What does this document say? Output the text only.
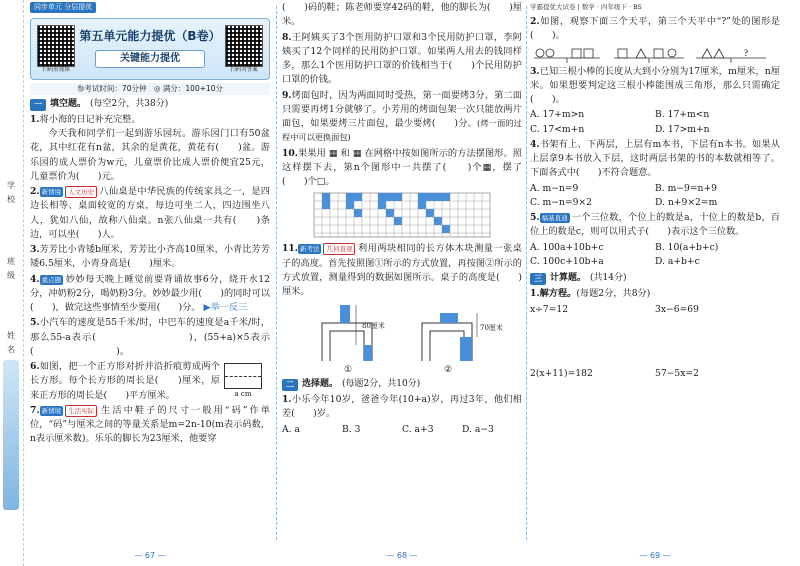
学
校
班
级
姓
名
同步单元 分层提优
扫码看视频
第五单元能力提优（B卷）
关键能力提优
扫码对答案
参考试时间：70分钟　◎ 满分：100+10分
一 填空题。 (每空2分，共38分)
1.将小海的日记补充完整。
今天我和同学们一起到游乐园玩。游乐园门口有50盆花，其中红花有n盆，其余的是黄花，黄花有(　　)盆。游乐园的成人票价为w元，儿童票价比成人票价便宜25元，儿童票价为(　　)元。
2. 新情境 人文历史 八仙桌是中华民族的传统家具之一，是四边长相等、桌面较宽的方桌，每边可坐二人，四边围坐八人，犹如八仙，故称八仙桌。n张八仙桌一共有(　　)条边，可以坐(　　)人。
3.芳芳比小青矮b厘米，芳芳比小齐高10厘米，小青比芳芳矮6.5厘米，小青身高是(　　)厘米。
4. 重点题 妙妙每天晚上睡觉前要背诵故事6分，烧开水12分，冲奶粉2分，喝奶粉3分。妙妙最少用(　　)的同时可以(　　)，做完这些事情至少要用(　　)分。 ▶举一反三
5.小汽车的速度是55千米/时，中巴车的速度是a千米/时，那么55-a表示(　　　　　　　　　)，(55+a)×5表示(　　　　　　　　　)。
6.如图，把一个正方形对折并沿折痕剪成两个长方形。每个长方形的周长是(　　)厘米，原来正方形的周长是(　　)平方厘米。	a cm
7. 新情境 生活实际 生活中鞋子的尺寸一般用“码”作单位，“码”与厘米之间的等量关系是m=2n-10(m表示码数，n表示厘米数)。乐乐的脚长为23厘米，他要穿
— 67 —
(　　)码的鞋；陈老师要穿42码的鞋，他的脚长为(　　)厘米。
8.王阿姨买了3个医用防护口罩和3个民用防护口罩，李阿姨买了12个同样的民用防护口罩。如果两人用去的钱同样多，那么1个医用防护口罩的价钱相当于(　　)个民用防护口罩的价钱。
9.烤面包时，因为两面同时受热，第一面要烤3分，第二面只需要再烤1分就够了。小芳用的烤面包架一次只能放两片面包，如果要烤三片面包，最少要烤(　　)分。(烤一面的过程中可以更换面包)
10.果果用 ▦ 和 ▦ 在网格中按如图所示的方法摆图形。照这样摆下去，第n个图形中一共摆了(　　)个▦，摆了(　　)个□。
11. 新考法 几何直观 利用两块相同的长方体木块测量一张桌子的高度。首先按照图①所示的方式放置，再按图②所示的方式放置，测量得到的数据如图所示。桌子的高度是(　　)厘米。
80厘米	70厘米
①	②
二 选择题。 (每题2分，共10分)
1.小乐今年10岁，爸爸今年(10+a)岁，再过3年，他们相差(　　)岁。
A. a	B. 3	C. a+3	D. a−3
— 68 —
学霸提优大试卷 | 数学 · 四年级下 · BS
2.如图，观察下面三个天平，第三个天平中“?”处的图形是(　　)。
?
3.已知三根小棒的长度从大到小分别为17厘米，m厘米，n厘米。如果想要判定这三根小棒能围成三角形，那么只需确定(　　)。
A. 17+m>n	B. 17+m<n
C. 17<m+n	D. 17>m+n
4.书架有上、下两层，上层有m本书，下层有n本书。如果从上层拿9本书放入下层，这时两层书架的书的本数就相等了。下面各式中(　　)不符合题意。
A. m−n=9	B. m−9=n+9
C. m−n=9×2	D. n+9×2=m
5. 福基直通 一个三位数，个位上的数是a，十位上的数是b，百位上的数是c，则可以用式子(　　)表示这个三位数。
A. 100a+10b+c	B. 10(a+b+c)
C. 100c+10b+a	D. a+b+c
三 计算题。 (共14分)
1.解方程。(每题2分，共8分)
x÷7=12	3x−6=69
2(x+11)=182	57−5x=2
— 69 —
